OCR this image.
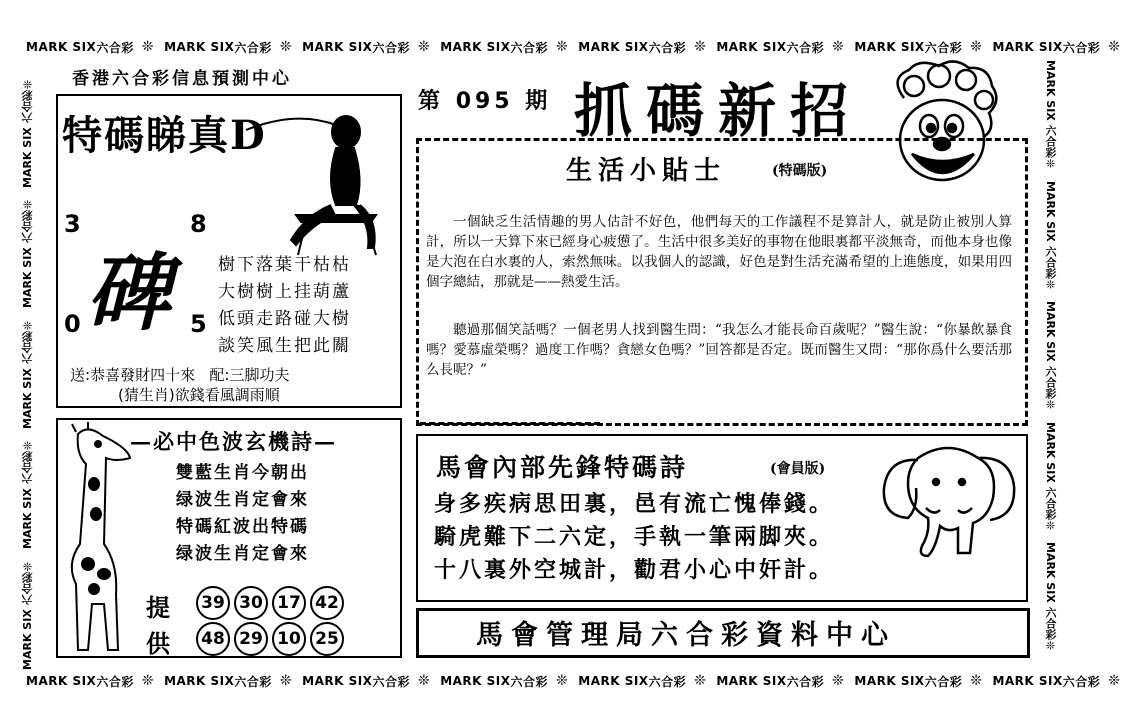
MARK SIX 六合彩 ❊ MARK SIX 六合彩 ❊ MARK SIX 六合彩 ❊ MARK SIX 六合彩 ❊ MARK SIX 六合彩 ❊ MARK SIX 六合彩 ❊ MARK SIX 六合彩 ❊ MARK SIX 六合彩 ❊
MARK SIX 六合彩 ❊ MARK SIX 六合彩 ❊ MARK SIX 六合彩 ❊ MARK SIX 六合彩 ❊ MARK SIX 六合彩 ❊ MARK SIX 六合彩 ❊ MARK SIX 六合彩 ❊ MARK SIX 六合彩 ❊
MARK SIX 六合彩❊MARK SIX 六合彩❊MARK SIX 六合彩❊MARK SIX 六合彩❊MARK SIX 六合彩❊	MARK SIX 六合彩❊MARK SIX 六合彩❊MARK SIX 六合彩❊MARK SIX 六合彩❊MARK SIX 六合彩❊
香港六合彩信息預測中心
第 095 期 抓碼新招
特碼睇真D
3	8
0	5
碑	樹下落葉干枯枯
大樹樹上挂葫蘆
低頭走路碰大樹
談笑風生把此關
送:恭喜發財四十來 配:三脚功夫
(猜生肖)欲錢看風調雨順
生活小貼士	(特碼版)
一個缺乏生活情趣的男人估計不好色，他們每天的工作議程不是算計人，就是防止被別人算計，所以一天算下來已經身心疲憊了。生活中很多美好的事物在他眼裏都平淡無奇，而他本身也像是大泡在白水裏的人，索然無味。以我個人的認識，好色是對生活充滿希望的上進態度，如果用四個字總結，那就是——熱愛生活。
聽過那個笑話嗎？一個老男人找到醫生問：“我怎么才能長命百歲呢？”醫生說：“你暴飲暴食嗎？愛慕虛榮嗎？過度工作嗎？貪戀女色嗎？”回答都是否定。既而醫生又問：“那你爲什么要活那么長呢？”
—必中色波玄機詩—
雙藍生肖今朝出
绿波生肖定會來
特碼紅波出特碼
绿波生肖定會來
提
供
39 30 17 42
48 29 10 25
馬會內部先鋒特碼詩	(會員版)
身多疾病思田裏，邑有流亡愧俸錢。
騎虎難下二六定，手執一筆兩脚夾。
十八裏外空城計，勸君小心中奸計。
馬會管理局六合彩資料中心
